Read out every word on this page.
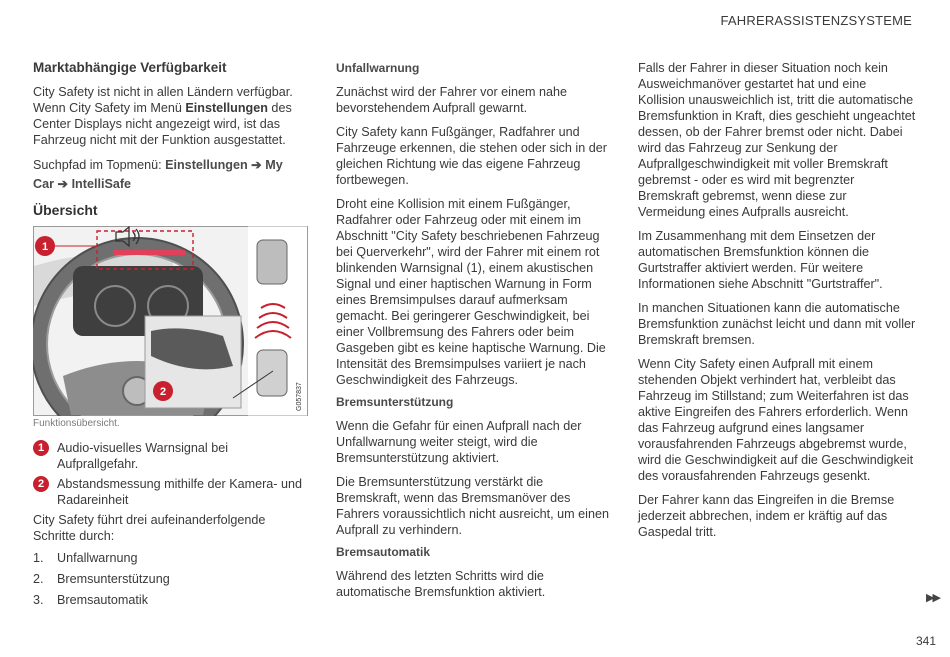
FAHRERASSISTENZSYSTEME

Marktabhängige Verfügbarkeit

City Safety ist nicht in allen Ländern verfügbar. Wenn City Safety im Menü Einstellungen des Center Displays nicht angezeigt wird, ist das Fahrzeug nicht mit der Funktion ausgestattet.

Suchpfad im Topmenü: Einstellungen ➔ My Car ➔ IntelliSafe

Übersicht

1
2	G057837

Funktionsübersicht.

1	Audio-visuelles Warnsignal bei Aufprallgefahr.
2	Abstandsmessung mithilfe der Kamera- und Radareinheit

City Safety führt drei aufeinanderfolgende Schritte durch:

1.	Unfallwarnung
2.	Bremsunterstützung
3.	Bremsautomatik

Unfallwarnung

Zunächst wird der Fahrer vor einem nahe bevorstehendem Aufprall gewarnt.

City Safety kann Fußgänger, Radfahrer und Fahrzeuge erkennen, die stehen oder sich in der gleichen Richtung wie das eigene Fahrzeug fortbewegen.

Droht eine Kollision mit einem Fußgänger, Radfahrer oder Fahrzeug oder mit einem im Abschnitt "City Safety beschriebenen Fahrzeug bei Querverkehr", wird der Fahrer mit einem rot blinkenden Warnsignal (1), einem akustischen Signal und einer haptischen Warnung in Form eines Bremsimpulses darauf aufmerksam gemacht. Bei geringerer Geschwindigkeit, bei einer Vollbremsung des Fahrers oder beim Gasgeben gibt es keine haptische Warnung. Die Intensität des Bremsimpulses variiert je nach Geschwindigkeit des Fahrzeugs.

Bremsunterstützung

Wenn die Gefahr für einen Aufprall nach der Unfallwarnung weiter steigt, wird die Bremsunterstützung aktiviert.

Die Bremsunterstützung verstärkt die Bremskraft, wenn das Bremsmanöver des Fahrers voraussichtlich nicht ausreicht, um einen Aufprall zu verhindern.

Bremsautomatik

Während des letzten Schritts wird die automatische Bremsfunktion aktiviert.

Falls der Fahrer in dieser Situation noch kein Ausweichmanöver gestartet hat und eine Kollision unausweichlich ist, tritt die automatische Bremsfunktion in Kraft, dies geschieht ungeachtet dessen, ob der Fahrer bremst oder nicht. Dabei wird das Fahrzeug zur Senkung der Aufprallgeschwindigkeit mit voller Bremskraft gebremst - oder es wird mit begrenzter Bremskraft gebremst, wenn diese zur Vermeidung eines Aufpralls ausreicht.

Im Zusammenhang mit dem Einsetzen der automatischen Bremsfunktion können die Gurtstraffer aktiviert werden. Für weitere Informationen siehe Abschnitt "Gurtstraffer".

In manchen Situationen kann die automatische Bremsfunktion zunächst leicht und dann mit voller Bremskraft bremsen.

Wenn City Safety einen Aufprall mit einem stehenden Objekt verhindert hat, verbleibt das Fahrzeug im Stillstand; zum Weiterfahren ist das aktive Eingreifen des Fahrers erforderlich. Wenn das Fahrzeug aufgrund eines langsamer vorausfahrenden Fahrzeugs abgebremst wurde, wird die Geschwindigkeit auf die Geschwindigkeit des vorausfahrenden Fahrzeugs gesenkt.

Der Fahrer kann das Eingreifen in die Bremse jederzeit abbrechen, indem er kräftig auf das Gaspedal tritt.

▶▶
341
